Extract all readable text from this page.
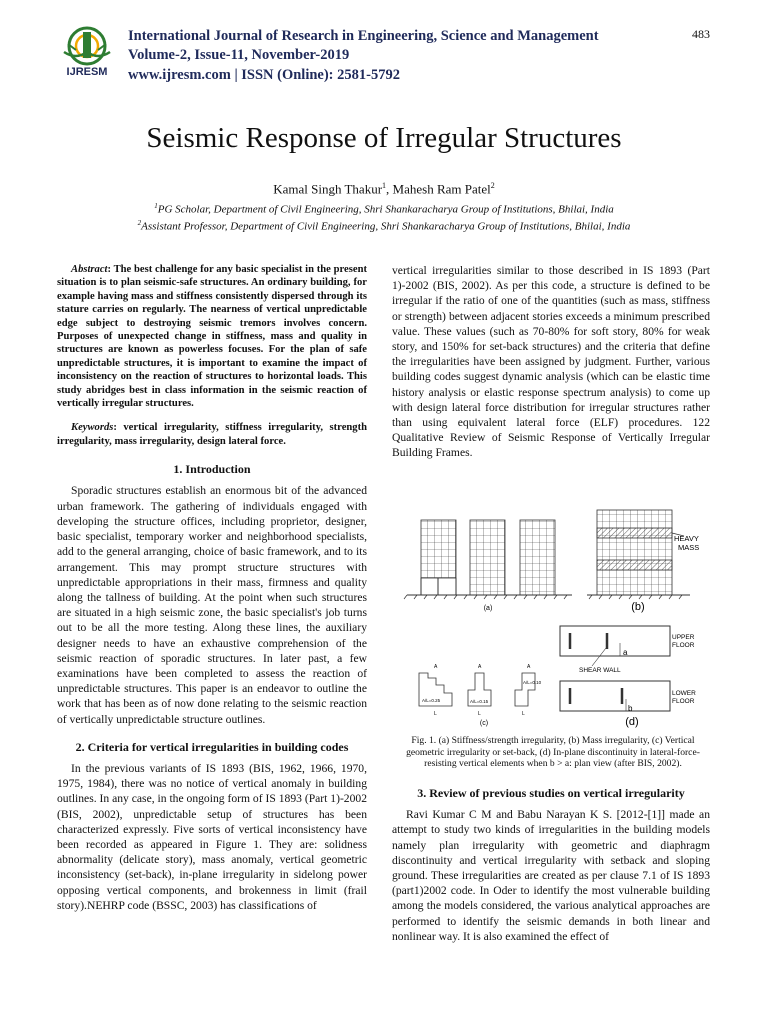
IJRESM
International Journal of Research in Engineering, Science and Management
Volume-2, Issue-11, November-2019
www.ijresm.com | ISSN (Online): 2581-5792
483
Seismic Response of Irregular Structures
Kamal Singh Thakur$^1$, Mahesh Ram Patel$^2$
$^1$PG Scholar, Department of Civil Engineering, Shri Shankaracharya Group of Institutions, Bhilai, India
$^2$Assistant Professor, Department of Civil Engineering, Shri Shankaracharya Group of Institutions, Bhilai, India

Abstract: The best challenge for any basic specialist in the present situation is to plan seismic-safe structures. An ordinary building, for example having mass and stiffness consistently dispersed through its stature carries on regularly. The nearness of vertical unpredictable edge subject to destroying seismic tremors involves concern. Purposes of unexpected change in stiffness, mass and quality in structures are known as powerless focuses. For the plan of safe unpredictable structures, it is important to examine the impact of inconsistency on the reaction of structures to horizontal loads. This study abridges best in class information in the seismic reaction of vertically irregular structures.

Keywords: vertical irregularity, stiffness irregularity, strength irregularity, mass irregularity, design lateral force.

1. Introduction

Sporadic structures establish an enormous bit of the advanced urban framework. The gathering of individuals engaged with developing the structure offices, including proprietor, designer, basic specialist, temporary worker and neighborhood specialists, add to the general arranging, choice of basic framework, and to its arrangement. This may prompt structure structures with unpredictable appropriations in their mass, firmness and quality along the tallness of building. At the point when such structures are situated in a high seismic zone, the basic specialist's job turns out to be all the more testing. Along these lines, the auxiliary designer needs to have an exhaustive comprehension of the seismic reaction of sporadic structures. In later past, a few examinations have been completed to assess the reaction of unpredictable structures. This paper is an endeavor to outline the work that has been as of now done relating to the seismic reaction of vertically unpredictable structure outlines.

2. Criteria for vertical irregularities in building codes

In the previous variants of IS 1893 (BIS, 1962, 1966, 1970, 1975, 1984), there was no notice of vertical anomaly in building outlines. In any case, in the ongoing form of IS 1893 (Part 1)-2002 (BIS, 2002), unpredictable setup of structures has been characterized expressly. Five sorts of vertical inconsistency have been recorded as appeared in Figure 1. They are: solidness abnormality (delicate story), mass anomaly, vertical geometric inconsistency (set-back), in-plane irregularity in sidelong power opposing vertical components, and brokenness in limit (frail story).NEHRP code (BSSC, 2003) has classifications of

vertical irregularities similar to those described in IS 1893 (Part 1)-2002 (BIS, 2002). As per this code, a structure is defined to be irregular if the ratio of one of the quantities (such as mass, stiffness or strength) between adjacent stories exceeds a minimum prescribed value. These values (such as 70-80% for soft story, 80% for weak story, and 150% for set-back structures) and the criteria that define the irregularities have been assigned by judgment. Further, various building codes suggest dynamic analysis (which can be elastic time history analysis or elastic response spectrum analysis) to come up with design lateral force distribution for irregular structures rather than using equivalent lateral force (ELF) procedures. 122 Qualitative Review of Seismic Response of Vertically Irregular Building Frames.

(a)
HEAVY
MASS
(b)
A/L=0.25
A
L
A/L=0.15
A
L
A/L=0.10
A
L
(c)
a
b
SHEAR WALL
UPPER
FLOOR
LOWER
FLOOR
(d)
Fig. 1. (a) Stiffness/strength irregularity, (b) Mass irregularity, (c) Vertical geometric irregularity or set-back, (d) In-plane discontinuity in lateral-force-resisting vertical elements when b > a: plan view (after BIS, 2002).
3. Review of previous studies on vertical irregularity

Ravi Kumar C M and Babu Narayan K S. [2012-[1]] made an attempt to study two kinds of irregularities in the building models namely plan irregularity with geometric and diaphragm discontinuity and vertical irregularity with setback and sloping ground. These irregularities are created as per clause 7.1 of IS 1893 (part1)2002 code. In Oder to identify the most vulnerable building among the models considered, the various analytical approaches are performed to identify the seismic demands in both linear and nonlinear way. It is also examined the effect of
